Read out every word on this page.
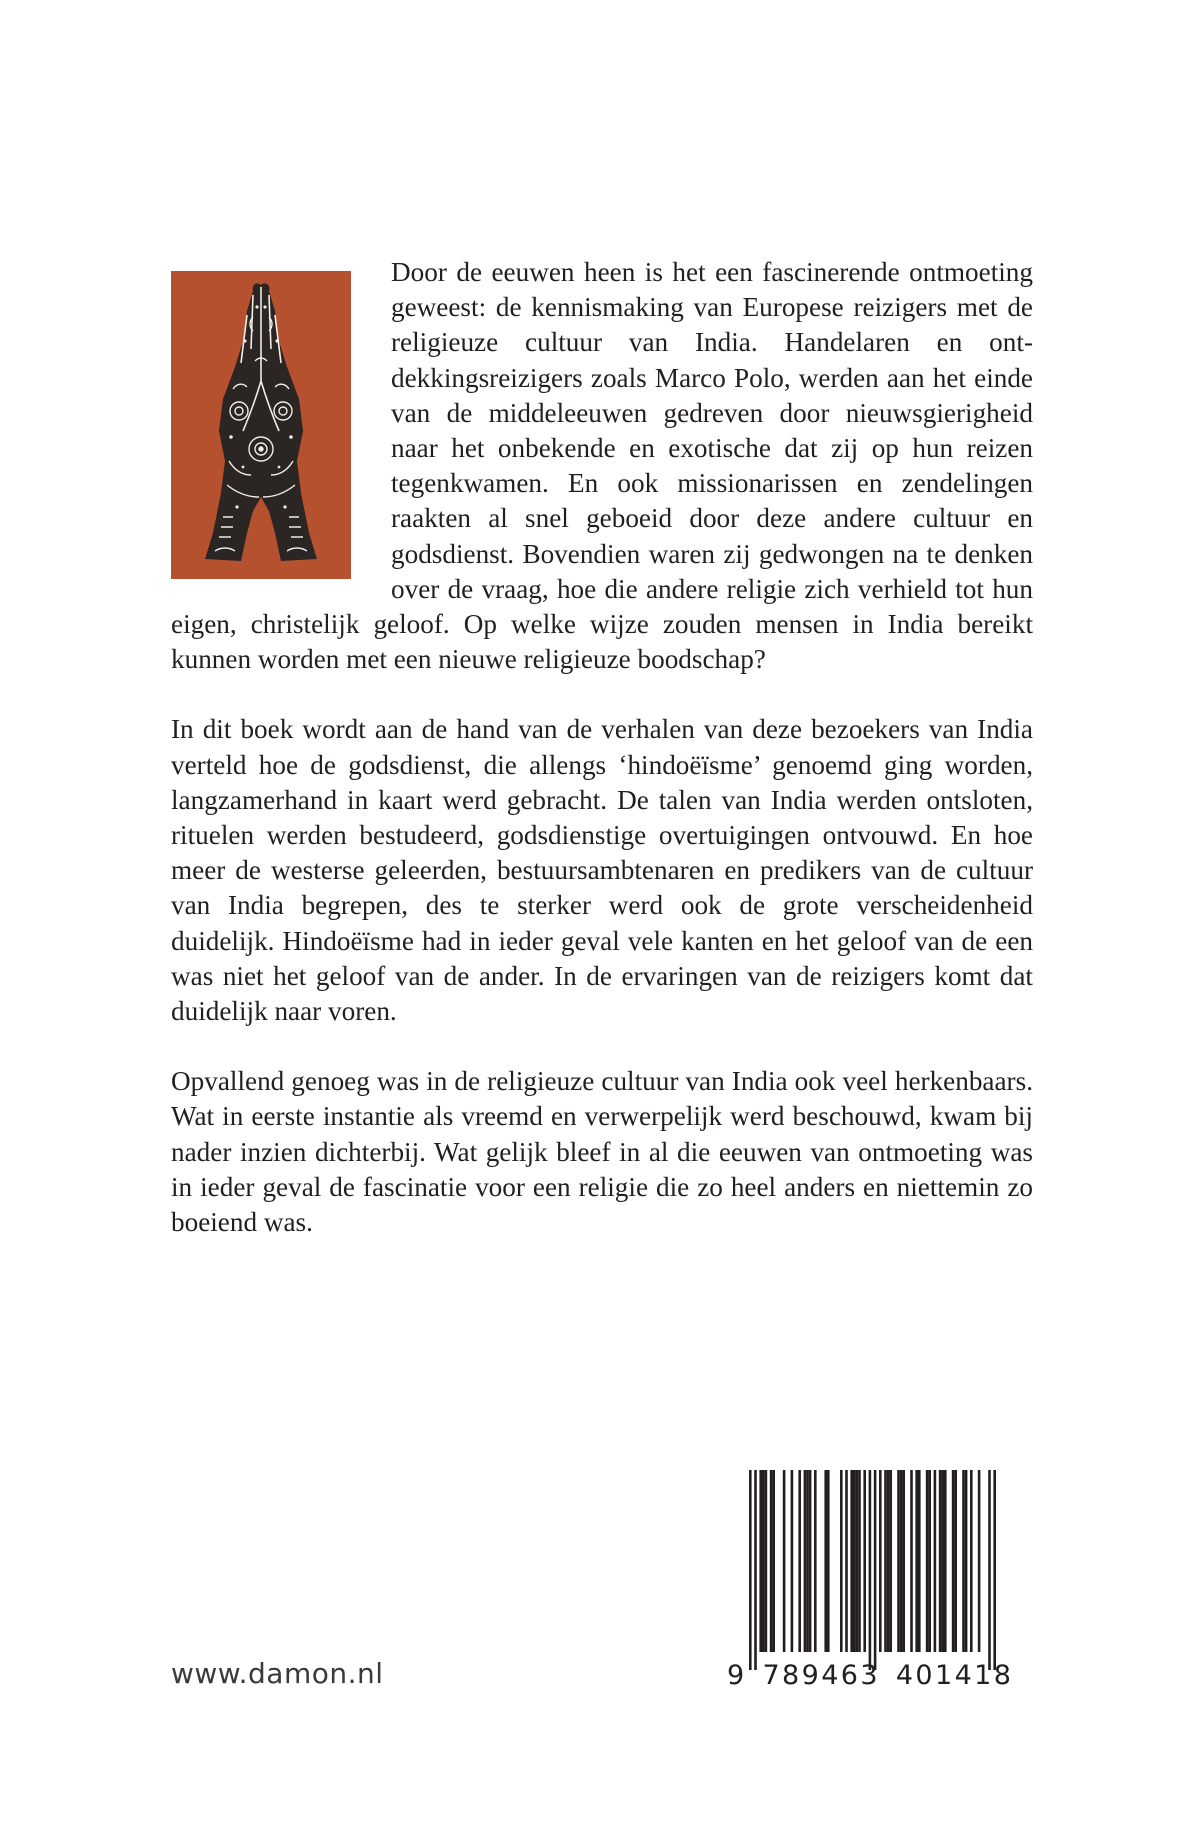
Door de eeuwen heen is het een fascinerende ontmoeting geweest: de kennismaking van Europese reizigers met de religieuze cultuur van India. Handelaren en ontdekkingsreizigers zoals Marco Polo, werden aan het einde van de middeleeuwen gedreven door nieuwsgierigheid naar het onbekende en exotische dat zij op hun reizen tegenkwamen. En ook missionarissen en zendelingen raakten al snel geboeid door deze andere cultuur en godsdienst. Bovendien waren zij gedwongen na te denken over de vraag, hoe die andere religie zich verhield tot hun eigen, christelijk geloof. Op welke wijze zouden mensen in India bereikt kunnen worden met een nieuwe religieuze boodschap?

In dit boek wordt aan de hand van de verhalen van deze bezoekers van India verteld hoe de godsdienst, die allengs ‘hindoëïsme’ genoemd ging worden, langzamerhand in kaart werd gebracht. De talen van India werden ontsloten, rituelen werden bestudeerd, godsdienstige overtuigingen ontvouwd. En hoe meer de westerse geleerden, bestuursambtenaren en predikers van de cultuur van India begrepen, des te sterker werd ook de grote verscheidenheid duidelijk. Hindoëïsme had in ieder geval vele kanten en het geloof van de een was niet het geloof van de ander. In de ervaringen van de reizigers komt dat duidelijk naar voren.

Opvallend genoeg was in de religieuze cultuur van India ook veel herkenbaars. Wat in eerste instantie als vreemd en verwerpelijk werd beschouwd, kwam bij nader inzien dichterbij. Wat gelijk bleef in al die eeuwen van ontmoeting was in ieder geval de fascinatie voor een religie die zo heel anders en niettemin zo boeiend was.

www.damon.nl	9 789463 401418
